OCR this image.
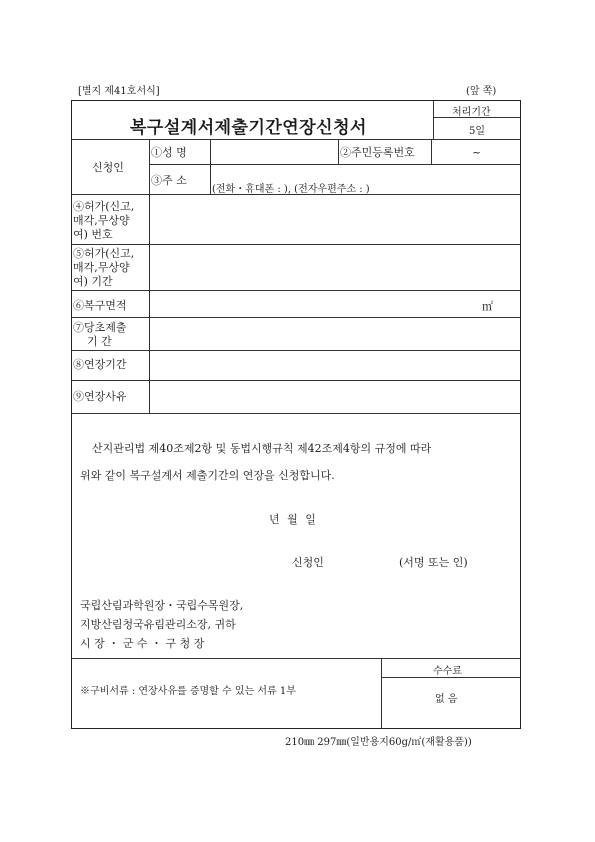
[별지 제41호서식]	(앞 쪽)
복구설계서제출기간연장신청서
처리기간
5일
신청인
①성 명	②주민등록번호	~
③주 소
(전화・휴대폰 : ), (전자우편주소 : )
④허가(신고,
매각,무상양
여) 번호
⑤허가(신고,
매각,무상양
여) 기간
⑥복구면적	㎡
⑦당초제출
기 간
⑧연장기간
⑨연장사유
산지관리법 제40조제2항 및 동법시행규칙 제42조제4항의 규정에 따라
위와 같이 복구설계서 제출기간의 연장을 신청합니다.
년 월 일
신청인	(서명 또는 인)
국립산림과학원장・국립수목원장,
지방산림청국유림관리소장, 귀하
시 장 ・ 군 수 ・ 구 청 장
※구비서류 : 연장사유를 증명할 수 있는 서류 1부
수수료
없 음
210㎜ 297㎜(일반용지60g/㎡(재활용품))
